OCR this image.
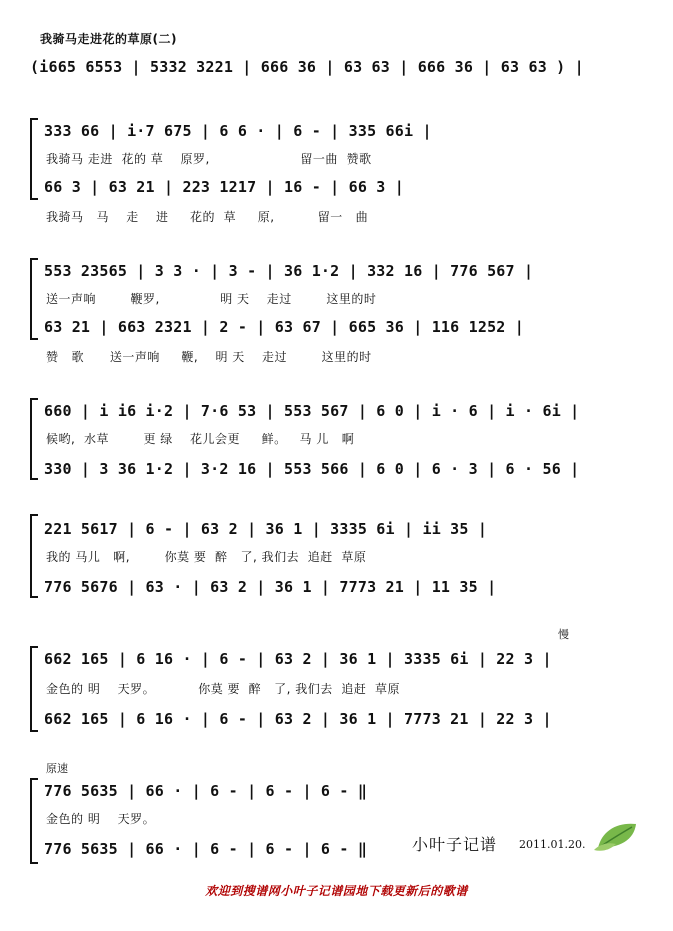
我骑马走进花的草原(二)
(i665 6553 | 5332 3221 | 666 36 | 63 63 | 666 36 | 63 63 ) |
333 66 | i·7 675 | 6 6 · | 6 - | 335 66i |
我骑马 走进  花的 草    原罗,                     留一曲  赞歌
66 3 | 63 21 | 223 1217 | 16 - | 66 3 |
我骑马   马    走    进     花的  草     原,          留一   曲
553 23565 | 3 3 · | 3 - | 36 1·2 | 332 16 | 776 567 |
送一声响        鞭罗,              明 天    走过        这里的时
63 21 | 663 2321 | 2 - | 63 67 | 665 36 | 116 1252 |
赞   歌      送一声响     鞭,    明 天    走过        这里的时
660 | i i6 i·2 | 7·6 53 | 553 567 | 6 0 | i · 6 | i · 6i |
候哟,  水草        更 绿    花儿会更     鲜。   马 儿   啊
330 | 3 36 1·2 | 3·2 16 | 553 566 | 6 0 | 6 · 3 | 6 · 56 |
221 5617 | 6 - | 63 2 | 36 1 | 3335 6i | ii 35 |
我的 马儿   啊,        你莫 要  醉   了, 我们去  追赶  草原
776 5676 | 63 · | 63 2 | 36 1 | 7773 21 | 11 35 |
慢
662 165 | 6 16 · | 6 - | 63 2 | 36 1 | 3335 6i | 22 3 |
金色的 明    天罗。          你莫 要  醉   了, 我们去  追赶  草原
662 165 | 6 16 · | 6 - | 63 2 | 36 1 | 7773 21 | 22 3 |
原速
776 5635 | 66 · | 6 - | 6 - | 6 - ‖
金色的 明    天罗。
776 5635 | 66 · | 6 - | 6 - | 6 - ‖	小叶子记谱 2011.01.20.
欢迎到搜谱网小叶子记谱园地下载更新后的歌谱
